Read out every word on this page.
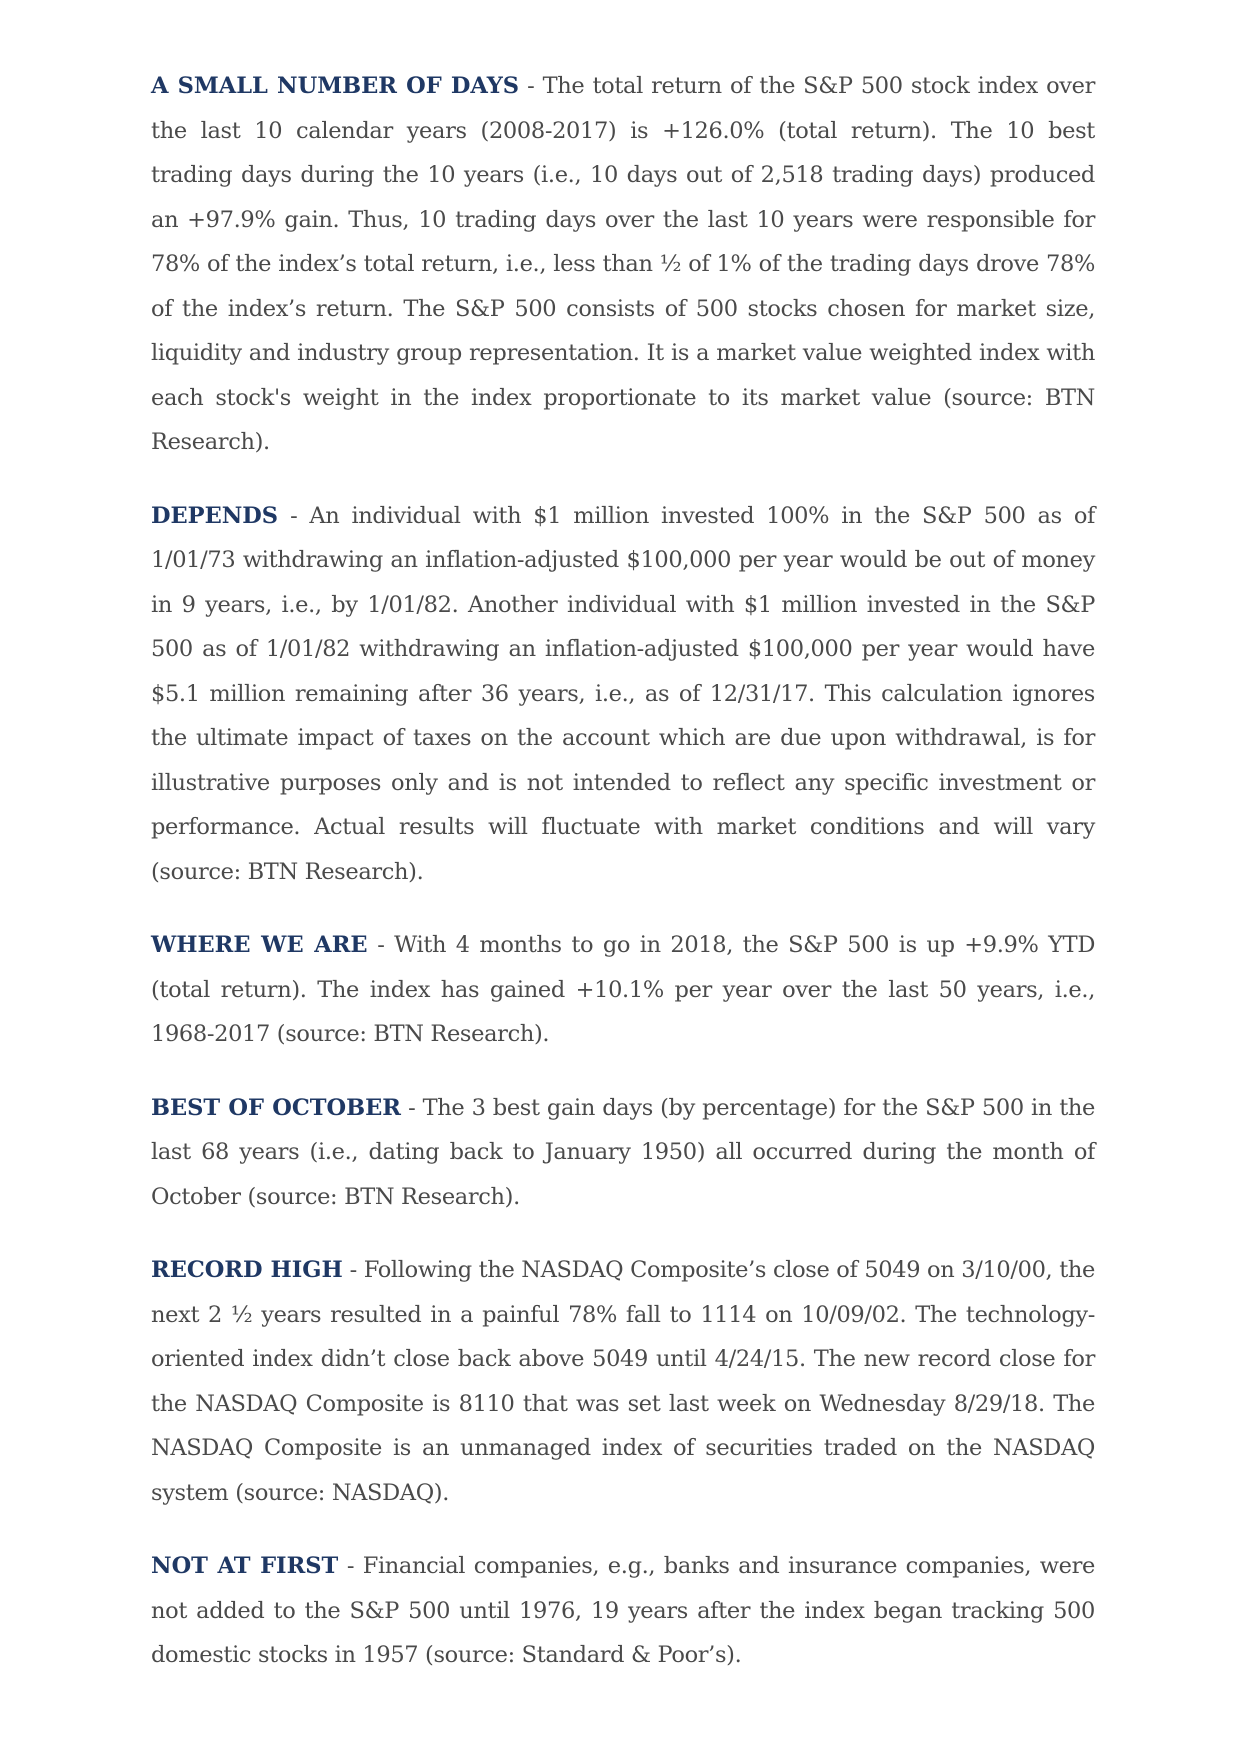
A SMALL NUMBER OF DAYS - The total return of the S&P 500 stock index over the last 10 calendar years (2008-2017) is +126.0% (total return). The 10 best trading days during the 10 years (i.e., 10 days out of 2,518 trading days) produced an +97.9% gain. Thus, 10 trading days over the last 10 years were responsible for 78% of the index’s total return, i.e., less than ½ of 1% of the trading days drove 78% of the index’s return. The S&P 500 consists of 500 stocks chosen for market size, liquidity and industry group representation. It is a market value weighted index with each stock's weight in the index proportionate to its market value (source: BTN Research).

DEPENDS - An individual with $1 million invested 100% in the S&P 500 as of 1/01/73 withdrawing an inflation-adjusted $100,000 per year would be out of money in 9 years, i.e., by 1/01/82. Another individual with $1 million invested in the S&P 500 as of 1/01/82 withdrawing an inflation-adjusted $100,000 per year would have $5.1 million remaining after 36 years, i.e., as of 12/31/17. This calculation ignores the ultimate impact of taxes on the account which are due upon withdrawal, is for illustrative purposes only and is not intended to reflect any specific investment or performance. Actual results will fluctuate with market conditions and will vary (source: BTN Research).

WHERE WE ARE - With 4 months to go in 2018, the S&P 500 is up +9.9% YTD (total return). The index has gained +10.1% per year over the last 50 years, i.e., 1968-2017 (source: BTN Research).

BEST OF OCTOBER - The 3 best gain days (by percentage) for the S&P 500 in the last 68 years (i.e., dating back to January 1950) all occurred during the month of October (source: BTN Research).

RECORD HIGH - Following the NASDAQ Composite’s close of 5049 on 3/10/00, the next 2 ½ years resulted in a painful 78% fall to 1114 on 10/09/02. The technology-oriented index didn’t close back above 5049 until 4/24/15. The new record close for the NASDAQ Composite is 8110 that was set last week on Wednesday 8/29/18. The NASDAQ Composite is an unmanaged index of securities traded on the NASDAQ system (source: NASDAQ).

NOT AT FIRST - Financial companies, e.g., banks and insurance companies, were not added to the S&P 500 until 1976, 19 years after the index began tracking 500 domestic stocks in 1957 (source: Standard & Poor’s).
